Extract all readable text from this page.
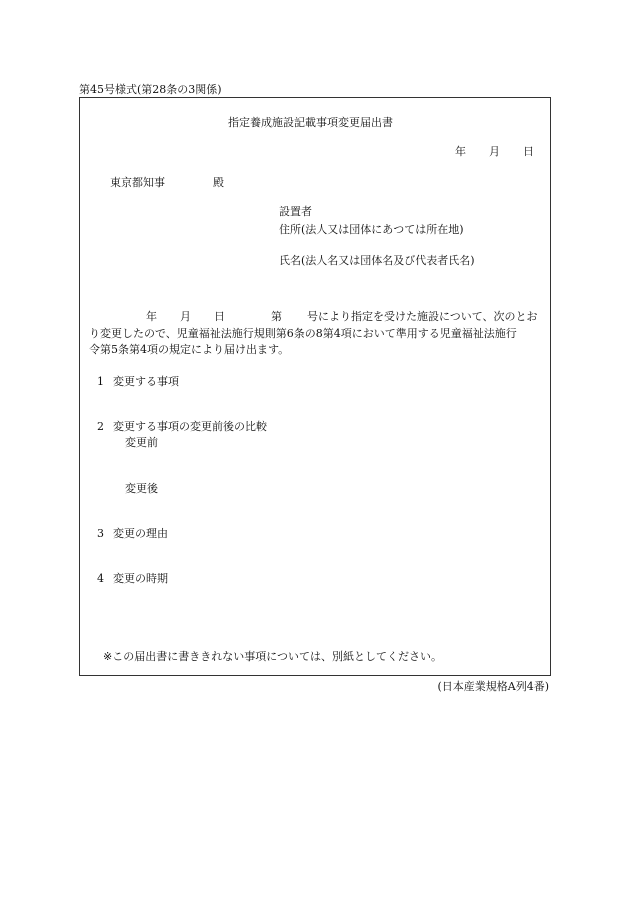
第45号様式(第28条の3関係)
指定養成施設記載事項変更届出書
年 月 日
東京都知事	殿
設置者
住所(法人又は団体にあつては所在地)
氏名(法人名又は団体名及び代表者氏名)
年 月 日	第 号により指定を受けた施設について、次のとお
り変更したので、児童福祉法施行規則第6条の8第4項において準用する児童福祉法施行
令第5条第4項の規定により届け出ます。
1 変更する事項
2 変更する事項の変更前後の比較
変更前
変更後
3 変更の理由
4 変更の時期
※この届出書に書ききれない事項については、別紙としてください。
(日本産業規格A列4番)
